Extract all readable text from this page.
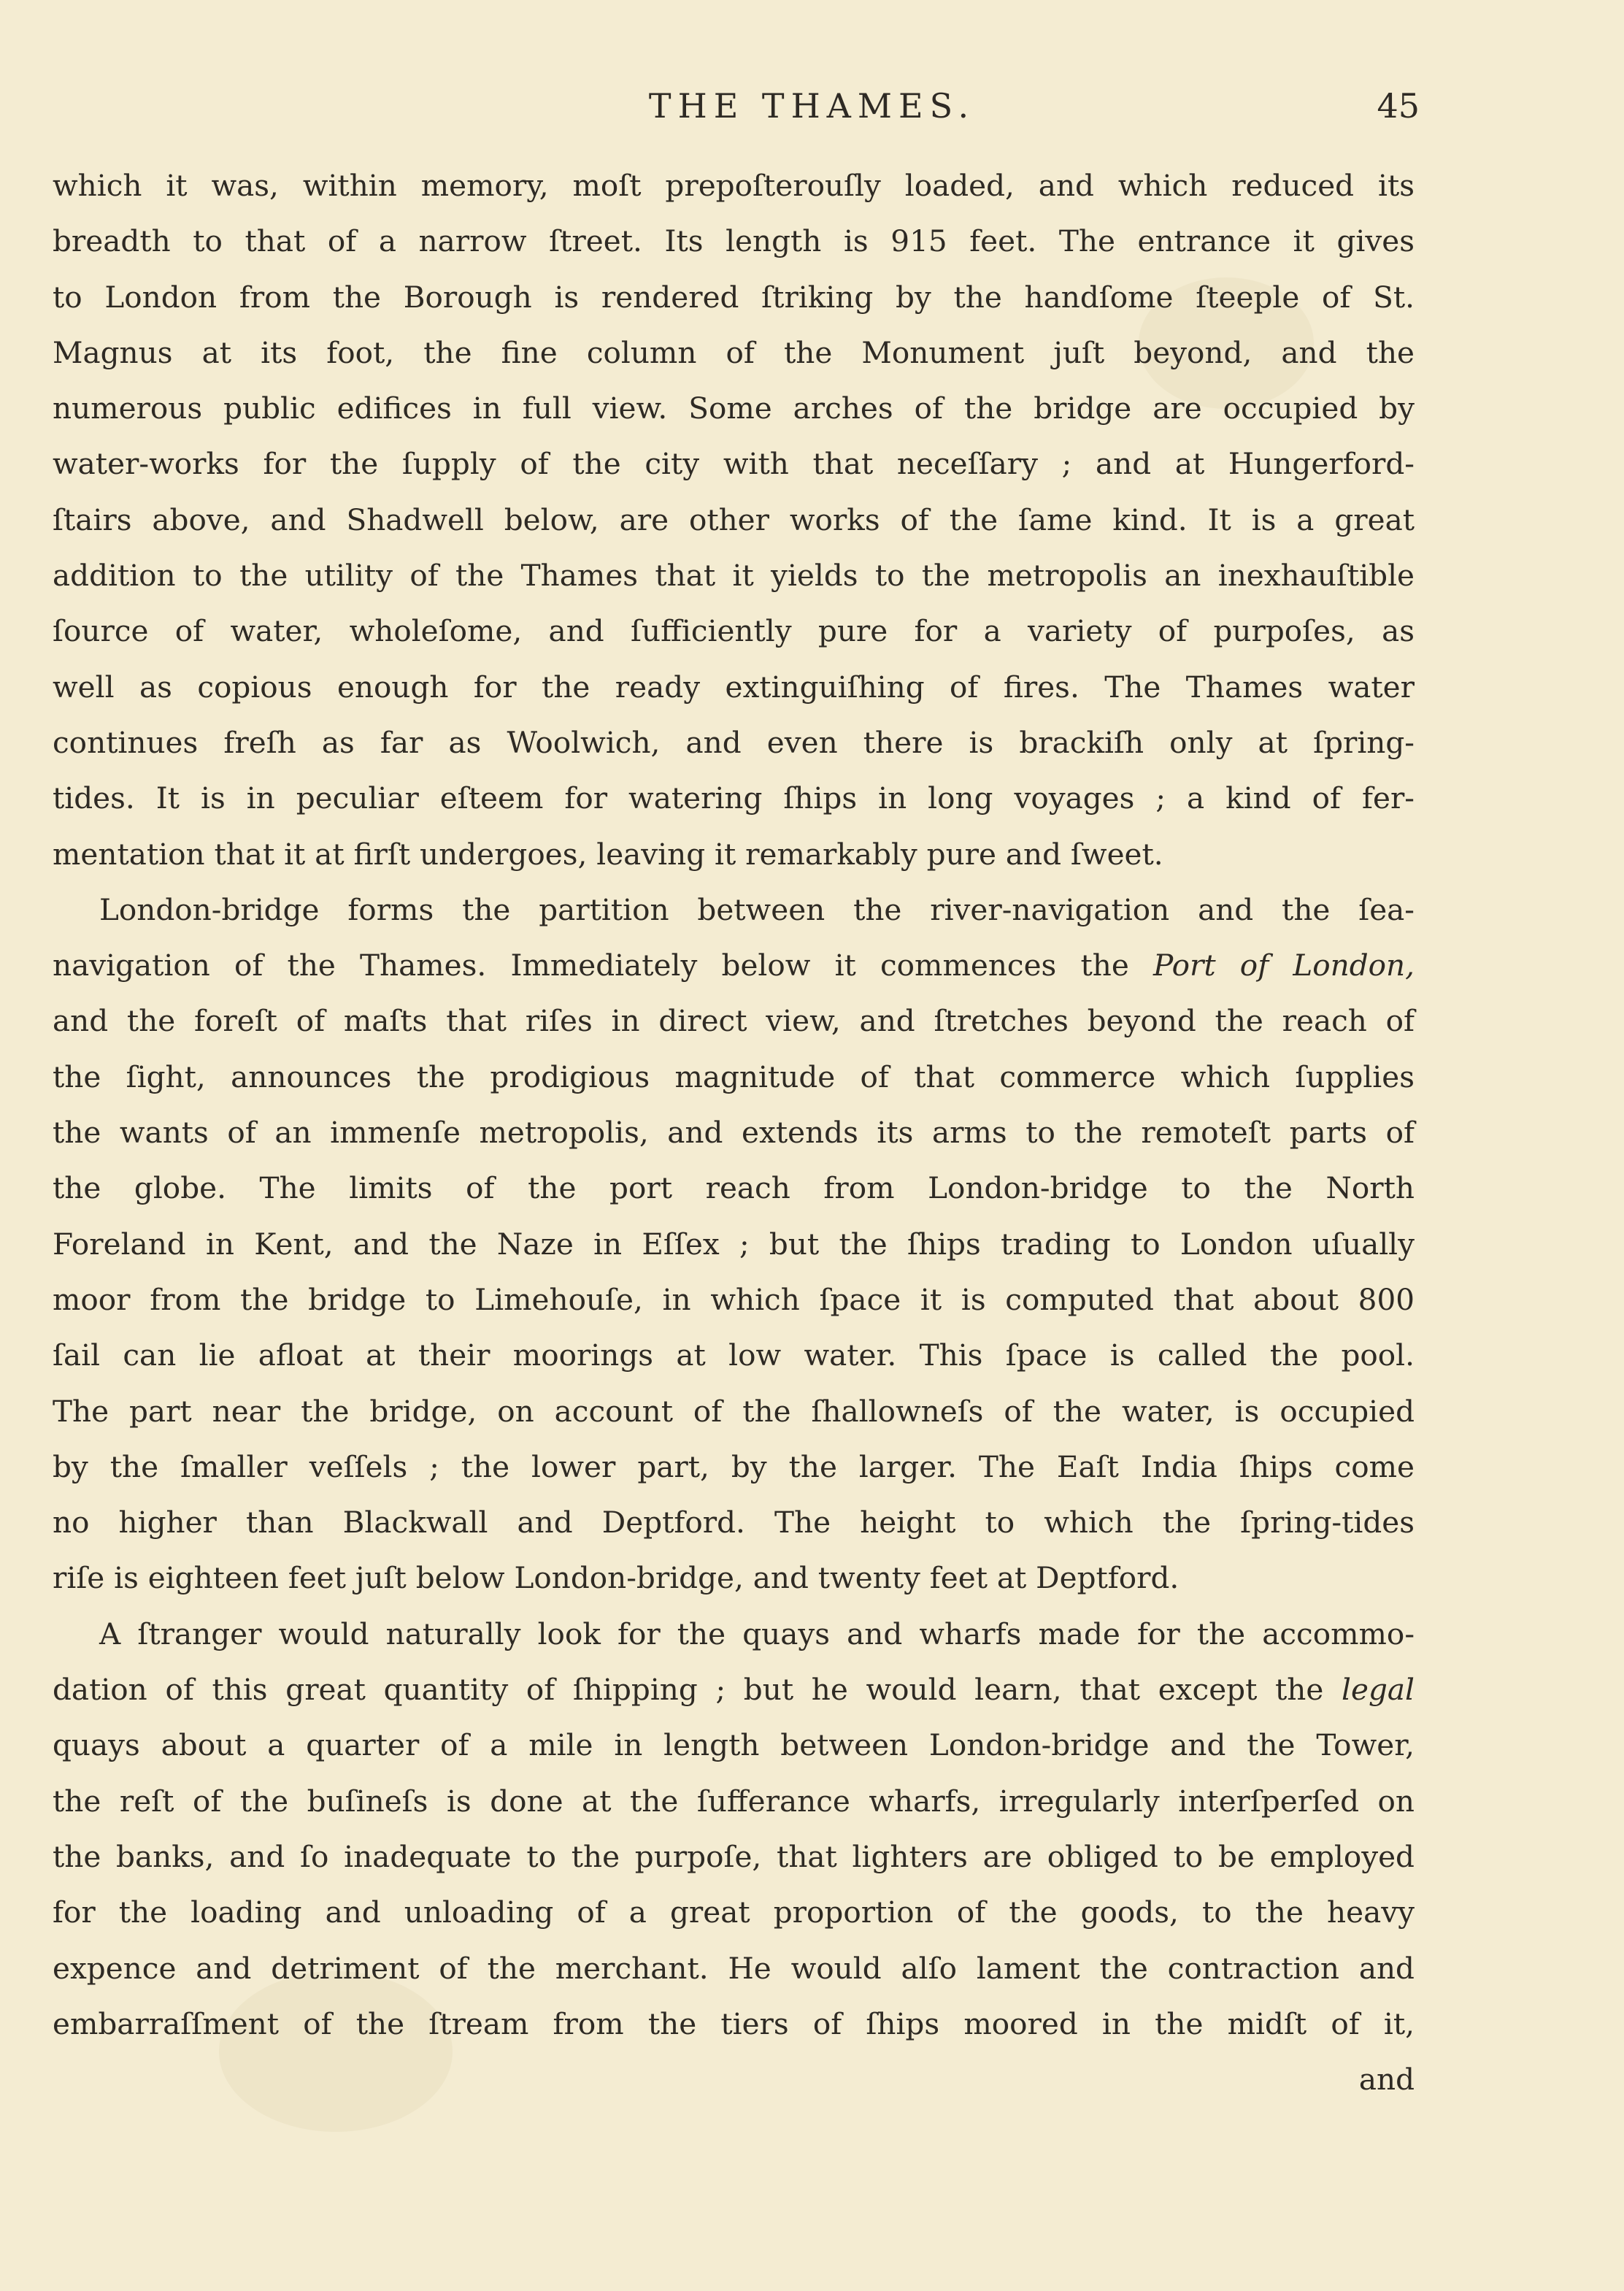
THE THAMES.	45
which it was, within memory, moſt prepoſterouſly loaded, and which reduced its
breadth to that of a narrow ſtreet. Its length is 915 feet. The entrance it gives
to London from the Borough is rendered ſtriking by the handſome ſteeple of St.
Magnus at its foot, the fine column of the Monument juſt beyond, and the
numerous public edifices in full view. Some arches of the bridge are occupied by
water-works for the ſupply of the city with that neceſſary ; and at Hungerford-
ſtairs above, and Shadwell below, are other works of the ſame kind. It is a great
addition to the utility of the Thames that it yields to the metropolis an inexhauſtible
ſource of water, wholeſome, and ſufficiently pure for a variety of purpoſes, as
well as copious enough for the ready extinguiſhing of fires. The Thames water
continues freſh as far as Woolwich, and even there is brackiſh only at ſpring-
tides. It is in peculiar eſteem for watering ſhips in long voyages ; a kind of fer-
mentation that it at firſt undergoes, leaving it remarkably pure and ſweet.
London-bridge forms the partition between the river-navigation and the ſea-
navigation of the Thames. Immediately below it commences the Port of London,
and the foreſt of maſts that riſes in direct view, and ſtretches beyond the reach of
the ſight, announces the prodigious magnitude of that commerce which ſupplies
the wants of an immenſe metropolis, and extends its arms to the remoteſt parts of
the globe. The limits of the port reach from London-bridge to the North
Foreland in Kent, and the Naze in Eſſex ; but the ſhips trading to London uſually
moor from the bridge to Limehouſe, in which ſpace it is computed that about 800
ſail can lie afloat at their moorings at low water. This ſpace is called the pool.
The part near the bridge, on account of the ſhallowneſs of the water, is occupied
by the ſmaller veſſels ; the lower part, by the larger. The Eaſt India ſhips come
no higher than Blackwall and Deptford. The height to which the ſpring-tides
riſe is eighteen feet juſt below London-bridge, and twenty feet at Deptford.
A ſtranger would naturally look for the quays and wharfs made for the accommo-
dation of this great quantity of ſhipping ; but he would learn, that except the legal
quays about a quarter of a mile in length between London-bridge and the Tower,
the reſt of the buſineſs is done at the ſufferance wharfs, irregularly interſperſed on
the banks, and ſo inadequate to the purpoſe, that lighters are obliged to be employed
for the loading and unloading of a great proportion of the goods, to the heavy
expence and detriment of the merchant. He would alſo lament the contraction and
embarraſſment of the ſtream from the tiers of ſhips moored in the midſt of it,
and
